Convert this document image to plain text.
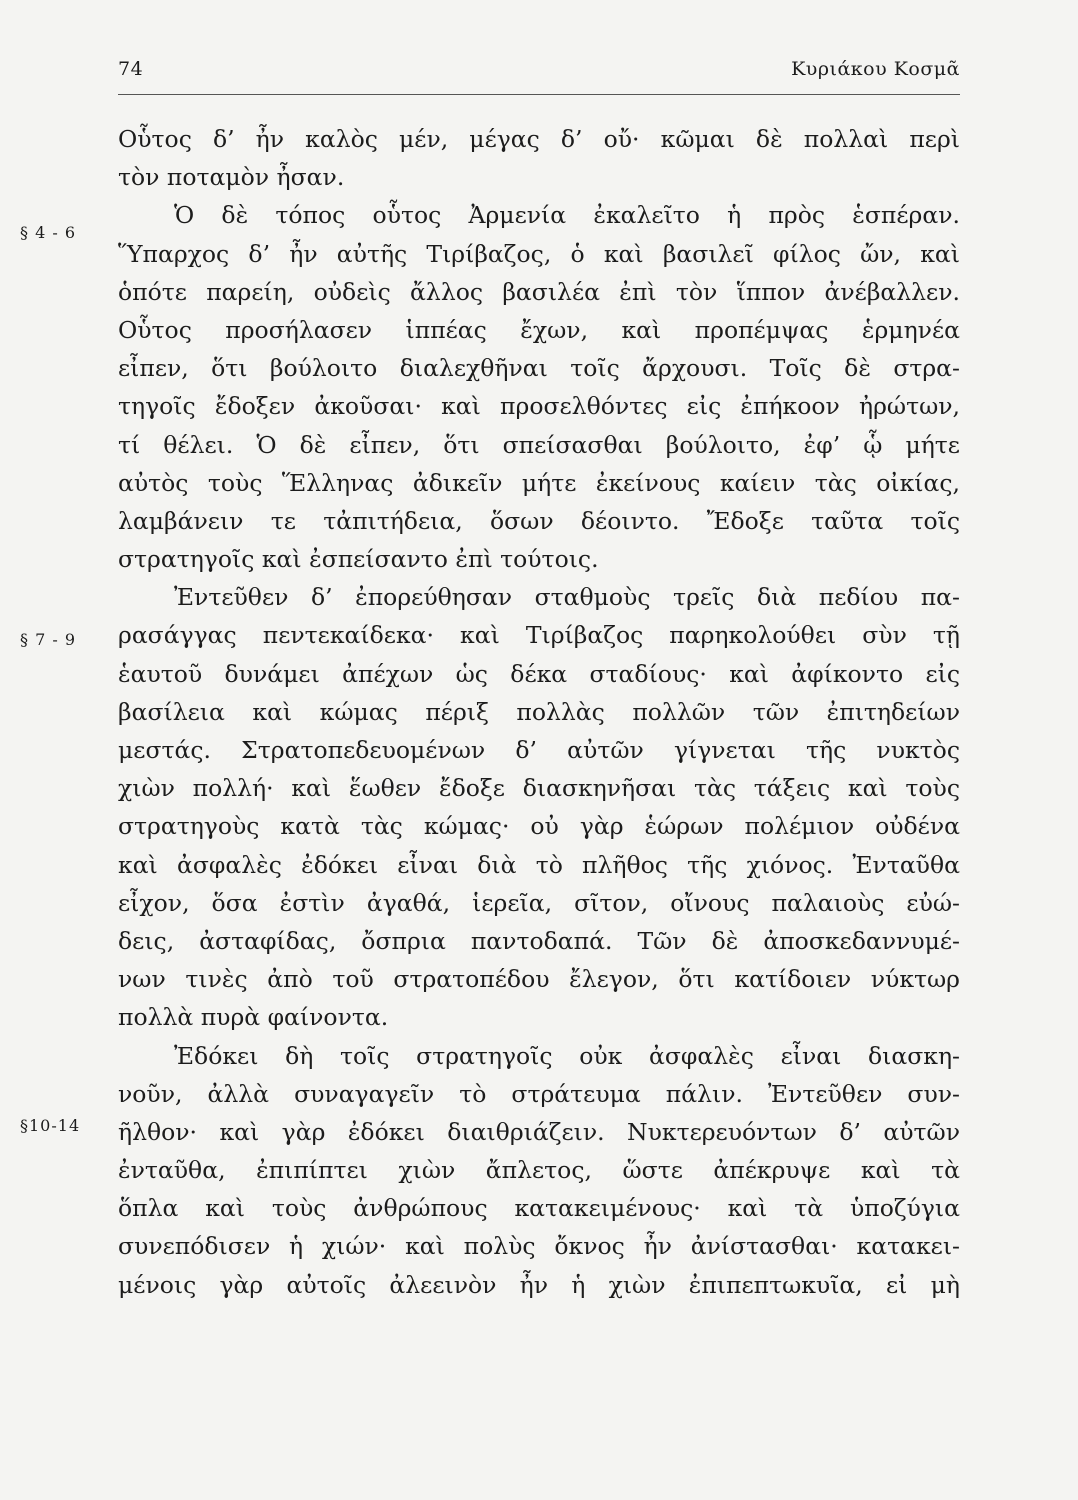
74	Κυριάκου Κοσμᾶ
§ 4 - 6
§ 7 - 9
§10-14
Οὗτος δ’ ἦν καλὸς μέν, μέγας δ’ οὔ· κῶμαι δὲ πολλαὶ περὶ
τὸν ποταμὸν ἦσαν.
Ὁ δὲ τόπος οὗτος Ἀρμενία ἐκαλεῖτο ἡ πρὸς ἑσπέραν.
Ὕπαρχος δ’ ἦν αὐτῆς Τιρίβαζος, ὁ καὶ βασιλεῖ φίλος ὤν, καὶ
ὁπότε παρείη, οὐδεὶς ἄλλος βασιλέα ἐπὶ τὸν ἵππον ἀνέβαλλεν.
Οὗτος προσήλασεν ἱππέας ἔχων, καὶ προπέμψας ἑρμηνέα
εἶπεν, ὅτι βούλοιτο διαλεχθῆναι τοῖς ἄρχουσι. Τοῖς δὲ στρα-
τηγοῖς ἔδοξεν ἀκοῦσαι· καὶ προσελθόντες εἰς ἐπήκοον ἠρώτων,
τί θέλει. Ὁ δὲ εἶπεν, ὅτι σπείσασθαι βούλοιτο, ἐφ’ ᾧ μήτε
αὐτὸς τοὺς Ἕλληνας ἀδικεῖν μήτε ἐκείνους καίειν τὰς οἰκίας,
λαμβάνειν τε τἀπιτήδεια, ὅσων δέοιντο. Ἔδοξε ταῦτα τοῖς
στρατηγοῖς καὶ ἐσπείσαντο ἐπὶ τούτοις.
Ἐντεῦθεν δ’ ἐπορεύθησαν σταθμοὺς τρεῖς διὰ πεδίου πα-
ρασάγγας πεντεκαίδεκα· καὶ Τιρίβαζος παρηκολούθει σὺν τῇ
ἑαυτοῦ δυνάμει ἀπέχων ὡς δέκα σταδίους· καὶ ἀφίκοντο εἰς
βασίλεια καὶ κώμας πέριξ πολλὰς πολλῶν τῶν ἐπιτηδείων
μεστάς. Στρατοπεδευομένων δ’ αὐτῶν γίγνεται τῆς νυκτὸς
χιὼν πολλή· καὶ ἕωθεν ἔδοξε διασκηνῆσαι τὰς τάξεις καὶ τοὺς
στρατηγοὺς κατὰ τὰς κώμας· οὐ γὰρ ἑώρων πολέμιον οὐδένα
καὶ ἀσφαλὲς ἐδόκει εἶναι διὰ τὸ πλῆθος τῆς χιόνος. Ἐνταῦθα
εἶχον, ὅσα ἐστὶν ἀγαθά, ἱερεῖα, σῖτον, οἴνους παλαιοὺς εὐώ-
δεις, ἀσταφίδας, ὄσπρια παντοδαπά. Τῶν δὲ ἀποσκεδαννυμέ-
νων τινὲς ἀπὸ τοῦ στρατοπέδου ἔλεγον, ὅτι κατίδοιεν νύκτωρ
πολλὰ πυρὰ φαίνοντα.
Ἐδόκει δὴ τοῖς στρατηγοῖς οὐκ ἀσφαλὲς εἶναι διασκη-
νοῦν, ἀλλὰ συναγαγεῖν τὸ στράτευμα πάλιν. Ἐντεῦθεν συν-
ῆλθον· καὶ γὰρ ἐδόκει διαιθριάζειν. Νυκτερευόντων δ’ αὐτῶν
ἐνταῦθα, ἐπιπίπτει χιὼν ἄπλετος, ὥστε ἀπέκρυψε καὶ τὰ
ὅπλα καὶ τοὺς ἀνθρώπους κατακειμένους· καὶ τὰ ὑποζύγια
συνεπόδισεν ἡ χιών· καὶ πολὺς ὄκνος ἦν ἀνίστασθαι· κατακει-
μένοις γὰρ αὐτοῖς ἀλεεινὸν ἦν ἡ χιὼν ἐπιπεπτωκυῖα, εἰ μὴ
